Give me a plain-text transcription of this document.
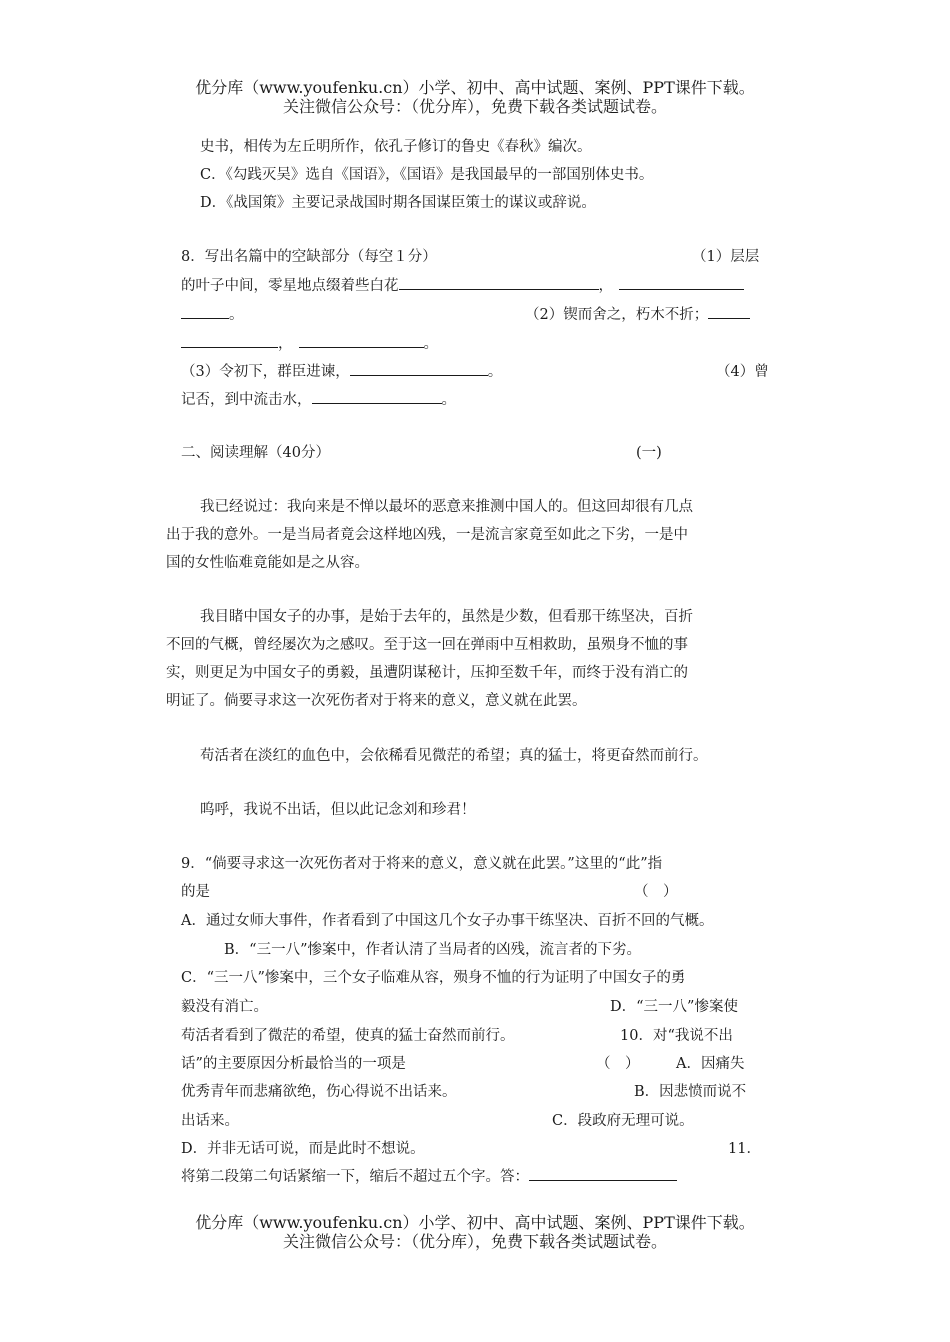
优分库（www.youfenku.cn）小学、初中、高中试题、案例、PPT课件下载。
关注微信公众号：（优分库），免费下载各类试题试卷。
史书，相传为左丘明所作，依孔子修订的鲁史《春秋》编次。
C．《勾践灭吴》选自《国语》，《国语》是我国最早的一部国别体史书。
D．《战国策》主要记录战国时期各国谋臣策士的谋议或辞说。
8．写出名篇中的空缺部分（每空１分）	（1）层层
的叶子中间，零星地点缀着些白花	，
。	（2）锲而舍之，朽木不折；
，	。
（3）令初下，群臣进谏，	。	（4）曾
记否，到中流击水，	。
二、阅读理解（40分）	(一)
我已经说过：我向来是不惮以最坏的恶意来推测中国人的。但这回却很有几点
出于我的意外。一是当局者竟会这样地凶残，一是流言家竟至如此之下劣，一是中
国的女性临难竟能如是之从容。
我目睹中国女子的办事，是始于去年的，虽然是少数，但看那干练坚决，百折
不回的气概，曾经屡次为之感叹。至于这一回在弹雨中互相救助，虽殒身不恤的事
实，则更足为中国女子的勇毅，虽遭阴谋秘计，压抑至数千年，而终于没有消亡的
明证了。倘要寻求这一次死伤者对于将来的意义，意义就在此罢。
苟活者在淡红的血色中，会依稀看见微茫的希望；真的猛士，将更奋然而前行。
呜呼，我说不出话，但以此记念刘和珍君！
9．“倘要寻求这一次死伤者对于将来的意义，意义就在此罢。”这里的“此”指
的是	（　）
A．通过女师大事件，作者看到了中国这几个女子办事干练坚决、百折不回的气概。
B．“三一八”惨案中，作者认清了当局者的凶残，流言者的下劣。
C．“三一八”惨案中，三个女子临难从容，殒身不恤的行为证明了中国女子的勇
毅没有消亡。	D．“三一八”惨案使
苟活者看到了微茫的希望，使真的猛士奋然而前行。	10．对“我说不出
话”的主要原因分析最恰当的一项是	（　）	A．因痛失
优秀青年而悲痛欲绝，伤心得说不出话来。	B．因悲愤而说不
出话来。	C．段政府无理可说。
D．并非无话可说，而是此时不想说。	11．
将第二段第二句话紧缩一下，缩后不超过五个字。答：
优分库（www.youfenku.cn）小学、初中、高中试题、案例、PPT课件下载。
关注微信公众号：（优分库），免费下载各类试题试卷。
